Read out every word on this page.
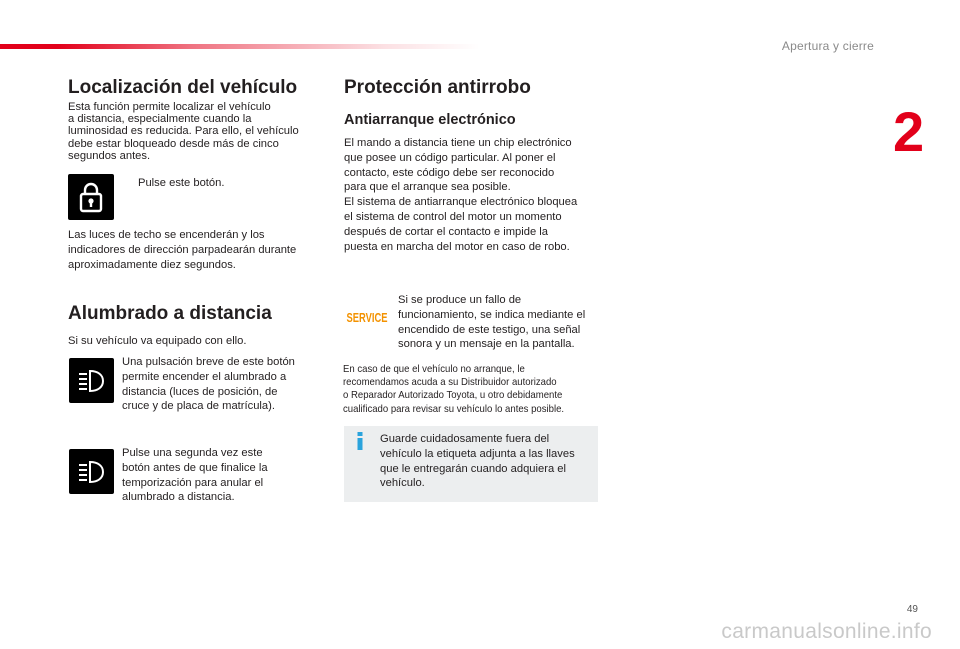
Apertura y cierre
2
Localización del vehículo
Esta función permite localizar el vehículo
a distancia, especialmente cuando la
luminosidad es reducida. Para ello, el vehículo
debe estar bloqueado desde más de cinco
segundos antes.
Pulse este botón.
Las luces de techo se encenderán y los
indicadores de dirección parpadearán durante
aproximadamente diez segundos.
Alumbrado a distancia
Si su vehículo va equipado con ello.
Una pulsación breve de este botón
permite encender el alumbrado a
distancia (luces de posición, de
cruce y de placa de matrícula).
Pulse una segunda vez este
botón antes de que finalice la
temporización para anular el
alumbrado a distancia.
Protección antirrobo
Antiarranque electrónico
El mando a distancia tiene un chip electrónico
que posee un código particular. Al poner el
contacto, este código debe ser reconocido
para que el arranque sea posible.
El sistema de antiarranque electrónico bloquea
el sistema de control del motor un momento
después de cortar el contacto e impide la
puesta en marcha del motor en caso de robo.
SERVICE
Si se produce un fallo de
funcionamiento, se indica mediante el
encendido de este testigo, una señal
sonora y un mensaje en la pantalla.
En caso de que el vehículo no arranque, le
recomendamos acuda a su Distribuidor autorizado
o Reparador Autorizado Toyota, u otro debidamente
cualificado para revisar su vehículo lo antes posible.
Guarde cuidadosamente fuera del
vehículo la etiqueta adjunta a las llaves
que le entregarán cuando adquiera el
vehículo.
49
carmanualsonline.info
